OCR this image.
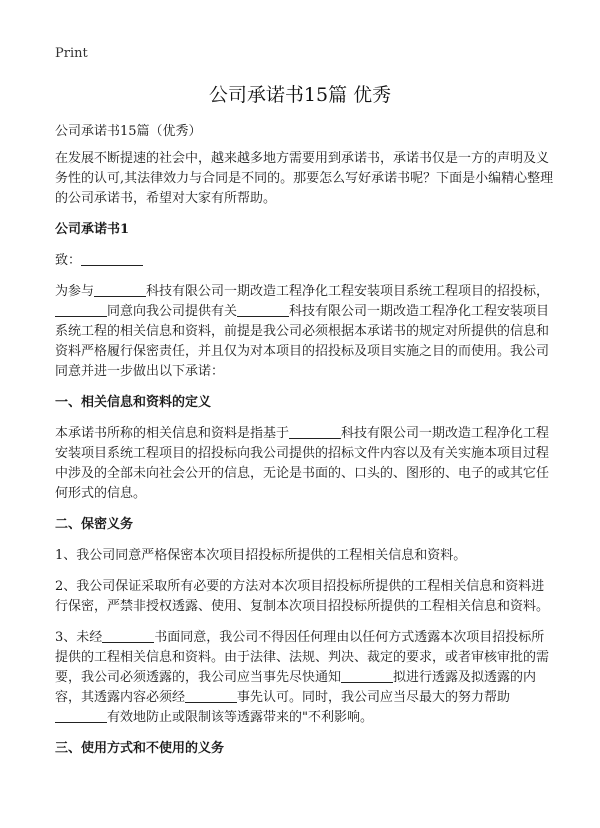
Print
公司承诺书15篇 优秀
公司承诺书15篇（优秀）

在发展不断提速的社会中，越来越多地方需要用到承诺书，承诺书仅是一方的声明及义务性的认可,其法律效力与合同是不同的。那要怎么写好承诺书呢？下面是小编精心整理的公司承诺书，希望对大家有所帮助。

公司承诺书1

致：

为参与	科技有限公司一期改造工程净化工程安装项目系统工程项目的招投标，同意向我公司提供有关	科技有限公司一期改造工程净化工程安装项目系统工程的相关信息和资料，前提是我公司必须根据本承诺书的规定对所提供的信息和资料严格履行保密责任，并且仅为对本项目的招投标及项目实施之目的而使用。我公司同意并进一步做出以下承诺：

一、相关信息和资料的定义

本承诺书所称的相关信息和资料是指基于	科技有限公司一期改造工程净化工程安装项目系统工程项目的招投标向我公司提供的招标文件内容以及有关实施本项目过程中涉及的全部未向社会公开的信息，无论是书面的、口头的、图形的、电子的或其它任何形式的信息。

二、保密义务

1、我公司同意严格保密本次项目招投标所提供的工程相关信息和资料。

2、我公司保证采取所有必要的方法对本次项目招投标所提供的工程相关信息和资料进行保密，严禁非授权透露、使用、复制本次项目招投标所提供的工程相关信息和资料。

3、未经	书面同意，我公司不得因任何理由以任何方式透露本次项目招投标所提供的工程相关信息和资料。由于法律、法规、判决、裁定的要求，或者审核审批的需要，我公司必须透露的，我公司应当事先尽快通知	拟进行透露及拟透露的内容，其透露内容必须经	事先认可。同时，我公司应当尽最大的努力帮助有效地防止或限制该等透露带来的"不利影响。

三、使用方式和不使用的义务
